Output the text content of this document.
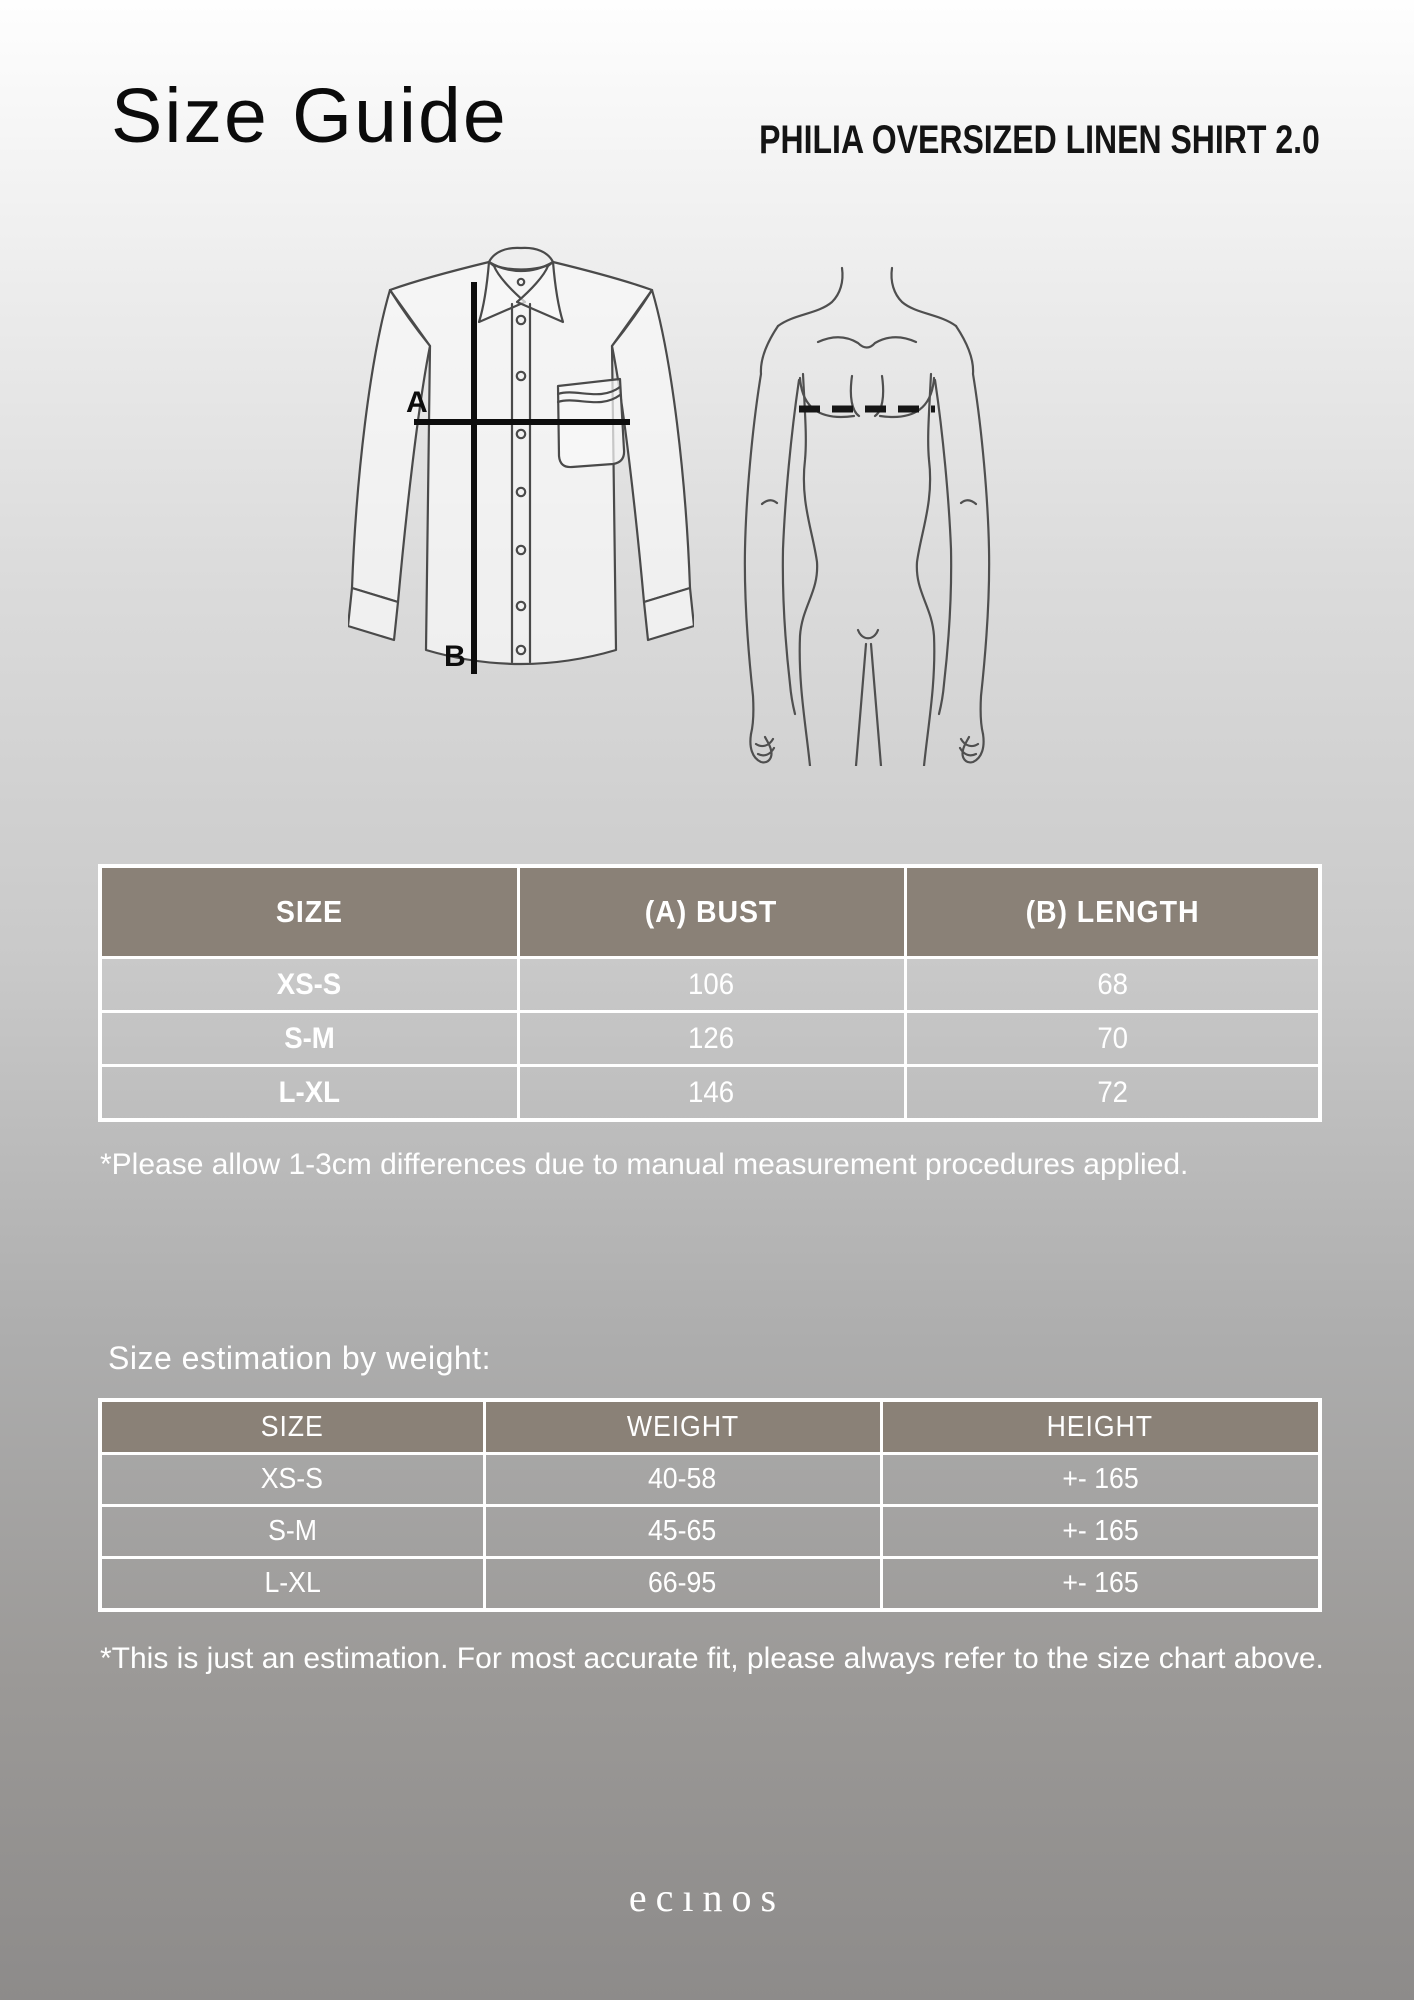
Size Guide	PHILIA OVERSIZED LINEN SHIRT 2.0
A
B
SIZE	(A) BUST	(B) LENGTH
XS-S	106	68
S-M	126	70
L-XL	146	72
*Please allow 1-3cm differences due to manual measurement procedures applied.
Size estimation by weight:
SIZE	WEIGHT	HEIGHT
XS-S	40-58	+- 165
S-M	45-65	+- 165
L-XL	66-95	+- 165
*This is just an estimation. For most accurate fit, please always refer to the size chart above.
ecınos
